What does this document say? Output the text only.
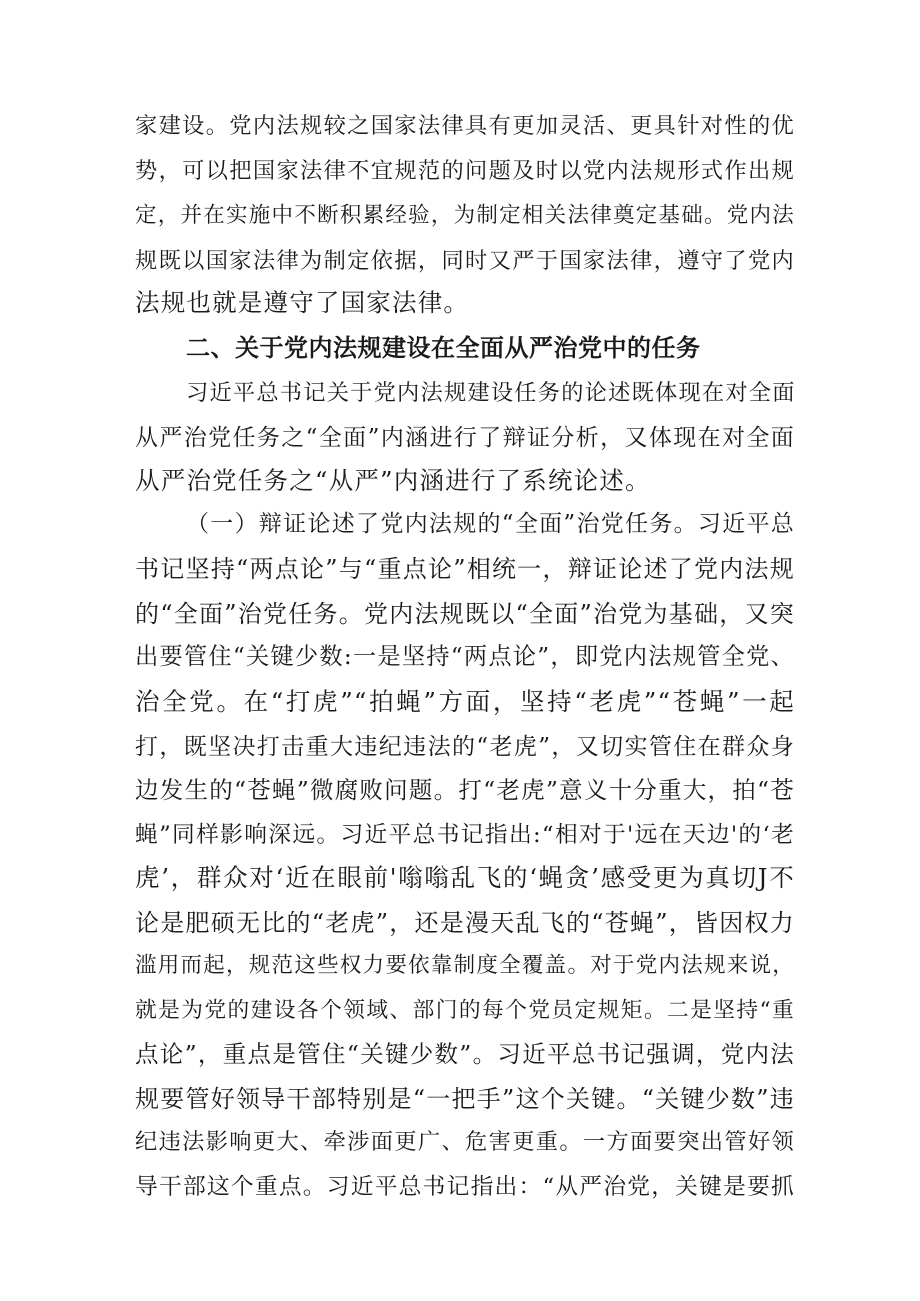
家建设。党内法规较之国家法律具有更加灵活、更具针对性的优
势，可以把国家法律不宜规范的问题及时以党内法规形式作出规
定，并在实施中不断积累经验，为制定相关法律奠定基础。党内法
规既以国家法律为制定依据，同时又严于国家法律，遵守了党内
法规也就是遵守了国家法律。
二、关于党内法规建设在全面从严治党中的任务
习近平总书记关于党内法规建设任务的论述既体现在对全面
从严治党任务之“全面”内涵进行了辩证分析，又体现在对全面
从严治党任务之“从严”内涵进行了系统论述。
（一）辩证论述了党内法规的“全面”治党任务。习近平总
书记坚持“两点论”与“重点论”相统一，辩证论述了党内法规
的“全面”治党任务。党内法规既以“全面”治党为基础，又突
出要管住“关键少数:一是坚持“两点论”，即党内法规管全党、
治全党。在“打虎”“拍蝇”方面，坚持“老虎”“苍蝇”一起
打，既坚决打击重大违纪违法的“老虎”，又切实管住在群众身
边发生的“苍蝇”微腐败问题。打“老虎”意义十分重大，拍“苍
蝇”同样影响深远。习近平总书记指出:“相对于'远在天边'的‘老
虎’，群众对‘近在眼前'嗡嗡乱飞的‘蝇贪’感受更为真切J不
论是肥硕无比的“老虎”，还是漫天乱飞的“苍蝇”，皆因权力
滥用而起，规范这些权力要依靠制度全覆盖。对于党内法规来说，
就是为党的建设各个领域、部门的每个党员定规矩。二是坚持“重
点论”，重点是管住“关键少数”。习近平总书记强调，党内法
规要管好领导干部特别是“一把手”这个关键。“关键少数”违
纪违法影响更大、牵涉面更广、危害更重。一方面要突出管好领
导干部这个重点。习近平总书记指出：“从严治党，关键是要抓
